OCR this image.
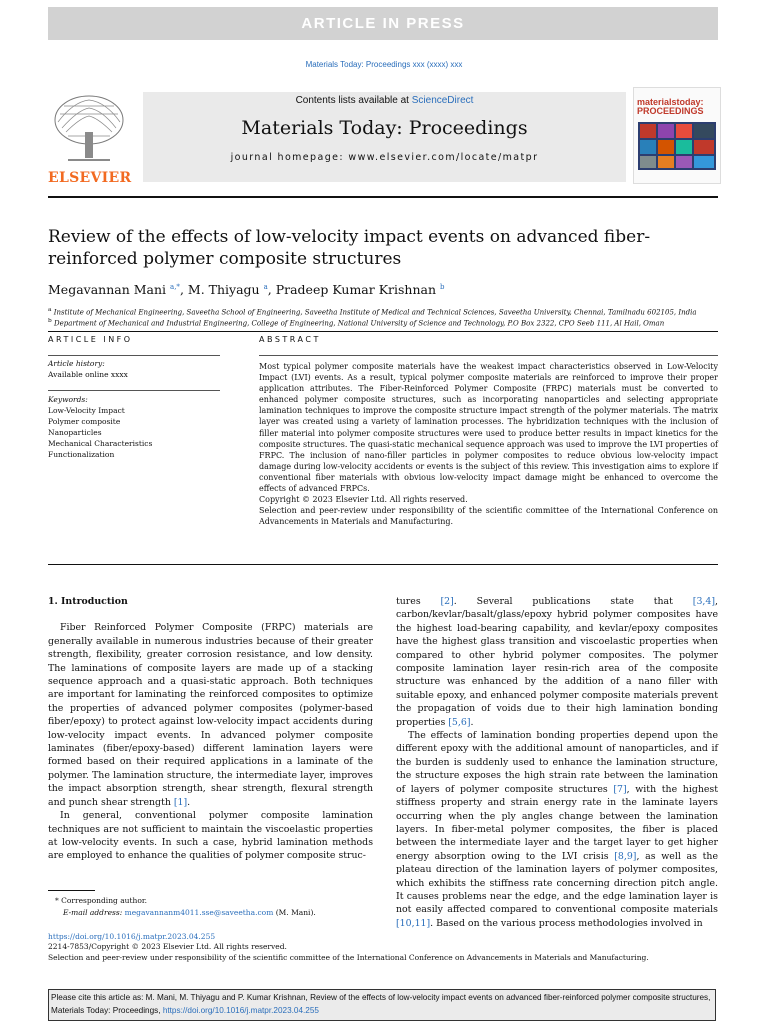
ARTICLE IN PRESS
Materials Today: Proceedings xxx (xxxx) xxx
ELSEVIER
Contents lists available at ScienceDirect
Materials Today: Proceedings
journal homepage: www.elsevier.com/locate/matpr
materialstoday: PROCEEDINGS
Review of the effects of low-velocity impact events on advanced fiber-reinforced polymer composite structures
Megavannan Mani $^{a,*}$, M. Thiyagu $^a$, Pradeep Kumar Krishnan $^b$
$^a$ Institute of Mechanical Engineering, Saveetha School of Engineering, Saveetha Institute of Medical and Technical Sciences, Saveetha University, Chennai, Tamilnadu 602105, India
$^b$ Department of Mechanical and Industrial Engineering, College of Engineering, National University of Science and Technology, P.O Box 2322, CPO Seeb 111, Al Hail, Oman
ARTICLE INFO
Article history:
Available online xxxx
Keywords:
Low-Velocity Impact
Polymer composite
Nanoparticles
Mechanical Characteristics
Functionalization
ABSTRACT

Most typical polymer composite materials have the weakest impact characteristics observed in Low-Velocity Impact (LVI) events. As a result, typical polymer composite materials are reinforced to improve their proper application attributes. The Fiber-Reinforced Polymer Composite (FRPC) materials must be converted to enhanced polymer composite structures, such as incorporating nanoparticles and selecting appropriate lamination techniques to improve the composite structure impact strength of the polymer materials. The matrix layer was created using a variety of lamination processes. The hybridization techniques with the inclusion of filler material into polymer composite structures were used to produce better results in impact kinetics for the composite structures. The quasi-static mechanical sequence approach was used to improve the LVI properties of FRPC. The inclusion of nano-filler particles in polymer composites to reduce obvious low-velocity impact damage during low-velocity accidents or events is the subject of this review. This investigation aims to explore if conventional fiber materials with obvious low-velocity impact damage might be enhanced to overcome the effects of advanced FRPCs.

Copyright © 2023 Elsevier Ltd. All rights reserved.

Selection and peer-review under responsibility of the scientific committee of the International Conference on Advancements in Materials and Manufacturing.

1. Introduction

Fiber Reinforced Polymer Composite (FRPC) materials are generally available in numerous industries because of their greater strength, flexibility, greater corrosion resistance, and low density. The laminations of composite layers are made up of a stacking sequence approach and a quasi-static approach. Both techniques are important for laminating the reinforced composites to optimize the properties of advanced polymer composites (polymer-based fiber/epoxy) to protect against low-velocity impact accidents during low-velocity impact events. In advanced polymer composite laminates (fiber/epoxy-based) different lamination layers were formed based on their required applications in a laminate of the polymer. The lamination structure, the intermediate layer, improves the impact absorption strength, shear strength, flexural strength and punch shear strength [1].

In general, conventional polymer composite lamination techniques are not sufficient to maintain the viscoelastic properties at low-velocity events. In such a case, hybrid lamination methods are employed to enhance the qualities of polymer composite struc-

* Corresponding author.
E-mail address: megavannanm4011.sse@saveetha.com (M. Mani).

tures [2]. Several publications state that [3,4], carbon/kevlar/basalt/glass/epoxy hybrid polymer composites have the highest load-bearing capability, and kevlar/epoxy composites have the highest glass transition and viscoelastic properties when compared to other hybrid polymer composites. The polymer composite lamination layer resin-rich area of the composite structure was enhanced by the addition of a nano filler with suitable epoxy, and enhanced polymer composite materials prevent the propagation of voids due to their high lamination bonding properties [5,6].

The effects of lamination bonding properties depend upon the different epoxy with the additional amount of nanoparticles, and if the burden is suddenly used to enhance the lamination structure, the structure exposes the high strain rate between the lamination of layers of polymer composite structures [7], with the highest stiffness property and strain energy rate in the laminate layers occurring when the ply angles change between the lamination layers. In fiber-metal polymer composites, the fiber is placed between the intermediate layer and the target layer to get higher energy absorption owing to the LVI crisis [8,9], as well as the plateau direction of the lamination layers of polymer composites, which exhibits the stiffness rate concerning direction pitch angle. It causes problems near the edge, and the edge lamination layer is not easily affected compared to conventional composite materials [10,11]. Based on the various process methodologies involved in

https://doi.org/10.1016/j.matpr.2023.04.255
2214-7853/Copyright © 2023 Elsevier Ltd. All rights reserved.
Selection and peer-review under responsibility of the scientific committee of the International Conference on Advancements in Materials and Manufacturing.
Please cite this article as: M. Mani, M. Thiyagu and P. Kumar Krishnan, Review of the effects of low-velocity impact events on advanced fiber-reinforced polymer composite structures, Materials Today: Proceedings, https://doi.org/10.1016/j.matpr.2023.04.255
